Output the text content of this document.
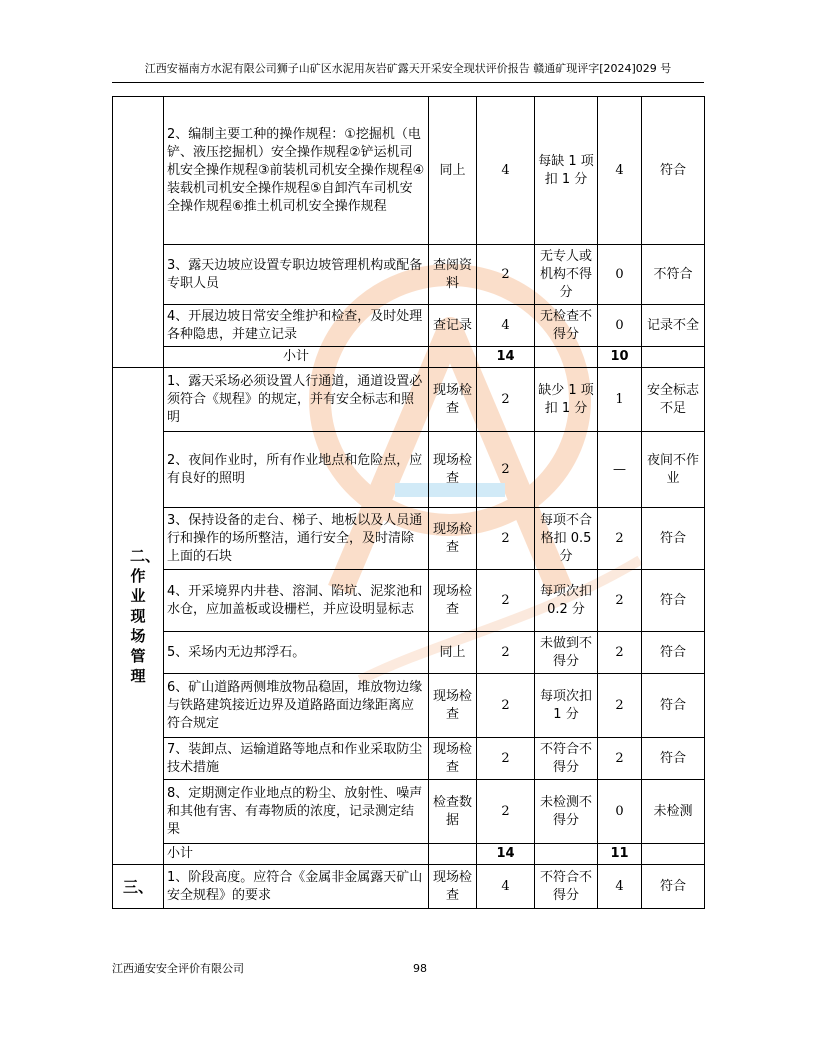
江西安福南方水泥有限公司狮子山矿区水泥用灰岩矿露天开采安全现状评价报告 赣通矿现评字[2024]029 号
	2、编制主要工种的操作规程：①挖掘机（电铲、液压挖掘机）安全操作规程②铲运机司机安全操作规程③前装机司机安全操作规程④装载机司机安全操作规程⑤自卸汽车司机安全操作规程⑥推土机司机安全操作规程	同上	4	每缺 1 项扣 1 分	4	符合
	3、露天边坡应设置专职边坡管理机构或配备专职人员	查阅资料	2	无专人或机构不得分	0	不符合
	4、开展边坡日常安全维护和检查，及时处理各种隐患，并建立记录	查记录	4	无检查不得分	0	记录不全
	小计		14		10	
二、作业现场管理	1、露天采场必须设置人行通道，通道设置必须符合《规程》的规定，并有安全标志和照明	现场检查	2	缺少 1 项扣 1 分	1	安全标志不足
	2、夜间作业时，所有作业地点和危险点，应有良好的照明	现场检查	2		—	夜间不作业
	3、保持设备的走台、梯子、地板以及人员通行和操作的场所整洁，通行安全，及时清除上面的石块	现场检查	2	每项不合格扣 0.5 分	2	符合
	4、开采境界内井巷、溶洞、陷坑、泥浆池和水仓，应加盖板或设栅栏，并应设明显标志	现场检查	2	每项次扣 0.2 分	2	符合
	5、采场内无边邦浮石。	同上	2	未做到不得分	2	符合
	6、矿山道路两侧堆放物品稳固，堆放物边缘与铁路建筑接近边界及道路路面边缘距离应符合规定	现场检查	2	每项次扣 1 分	2	符合
	7、装卸点、运输道路等地点和作业采取防尘技术措施	现场检查	2	不符合不得分	2	符合
	8、定期测定作业地点的粉尘、放射性、噪声和其他有害、有毒物质的浓度，记录测定结果	检查数据	2	未检测不得分	0	未检测
	小计		14		11	
三、	1、阶段高度。应符合《金属非金属露天矿山安全规程》的要求	现场检查	4	不符合不得分	4	符合
江西通安安全评价有限公司	98
